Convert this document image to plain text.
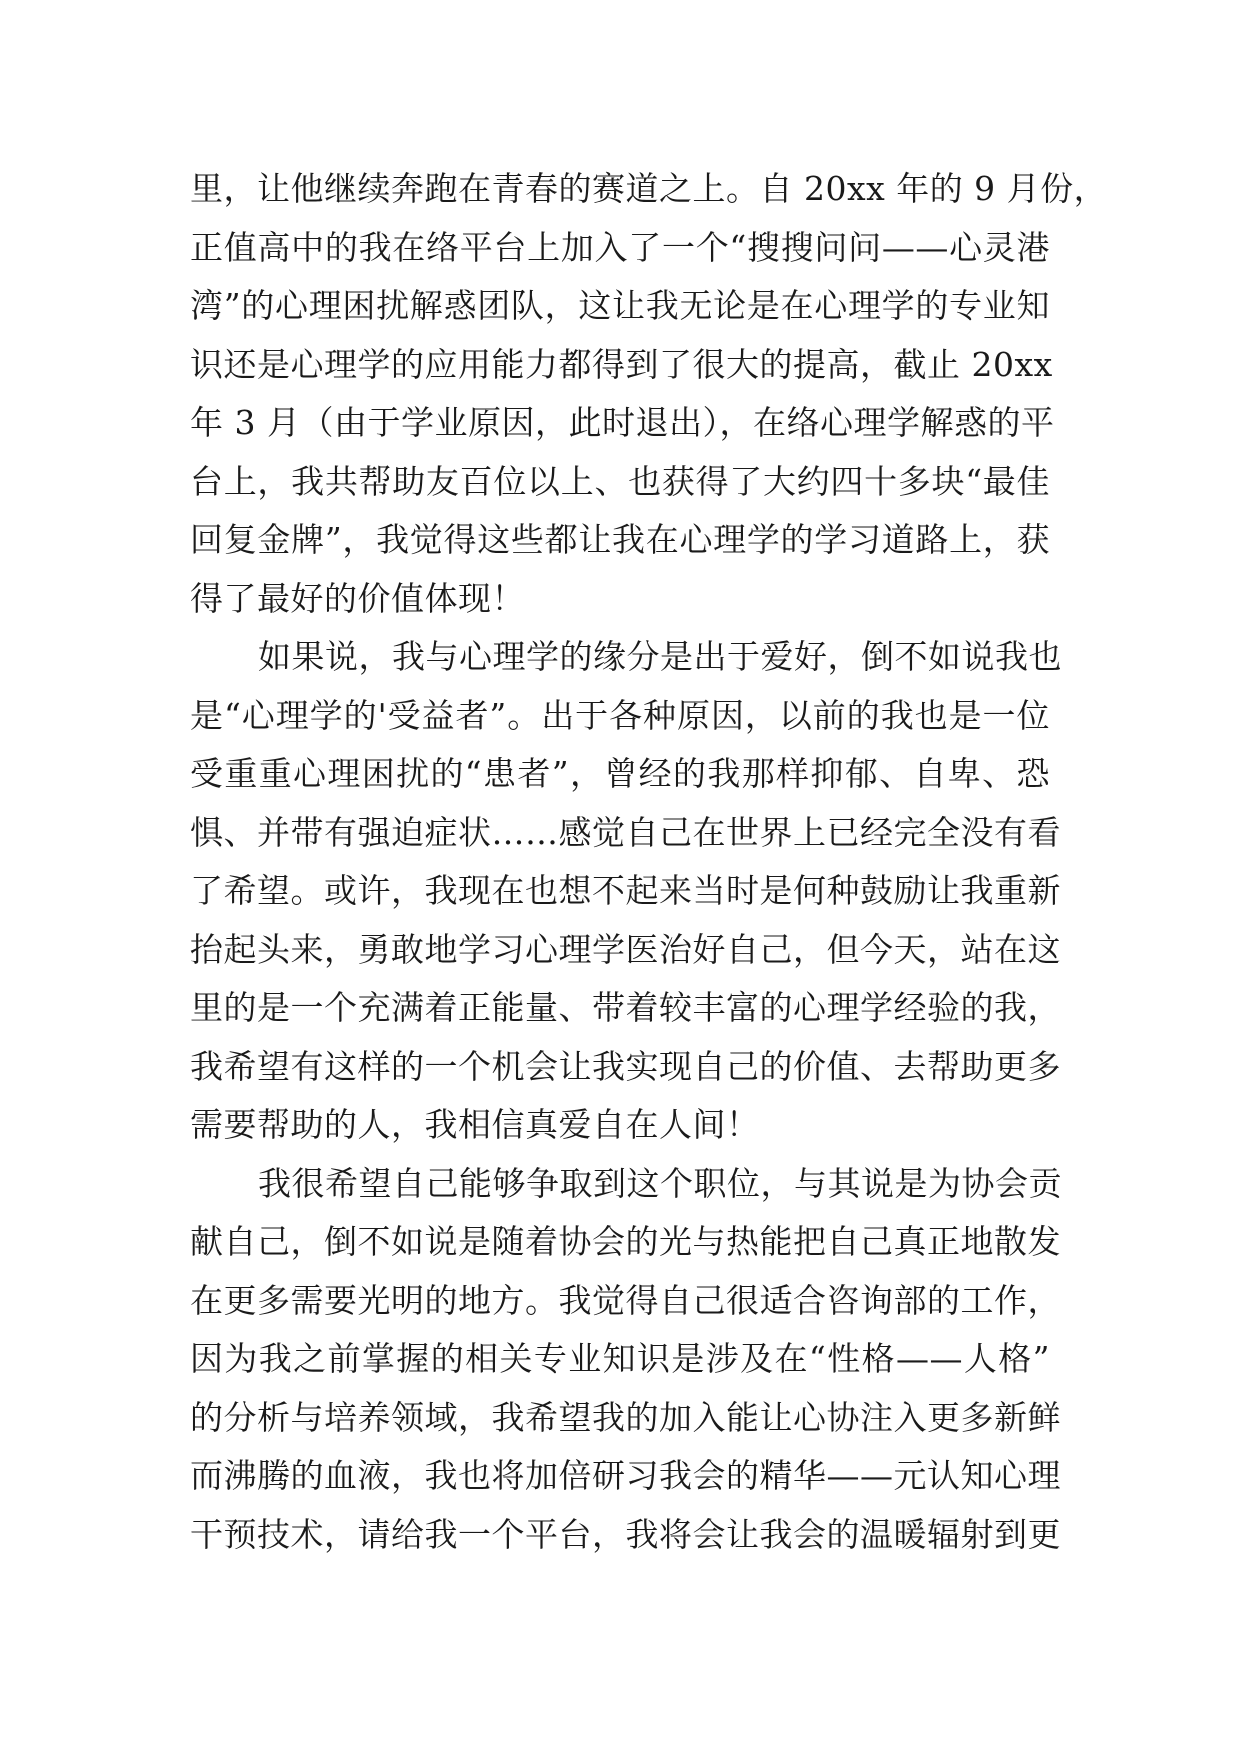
里，让他继续奔跑在青春的赛道之上。自 20xx 年的 9 月份，
正值高中的我在络平台上加入了一个“搜搜问问——心灵港
湾”的心理困扰解惑团队，这让我无论是在心理学的专业知
识还是心理学的应用能力都得到了很大的提高，截止 20xx
年 3 月（由于学业原因，此时退出），在络心理学解惑的平
台上，我共帮助友百位以上、也获得了大约四十多块“最佳
回复金牌”，我觉得这些都让我在心理学的学习道路上，获
得了最好的价值体现！
如果说，我与心理学的缘分是出于爱好，倒不如说我也
是“心理学的'受益者”。出于各种原因，以前的我也是一位
受重重心理困扰的“患者”，曾经的我那样抑郁、自卑、恐
惧、并带有强迫症状……感觉自己在世界上已经完全没有看
了希望。或许，我现在也想不起来当时是何种鼓励让我重新
抬起头来，勇敢地学习心理学医治好自己，但今天，站在这
里的是一个充满着正能量、带着较丰富的心理学经验的我，
我希望有这样的一个机会让我实现自己的价值、去帮助更多
需要帮助的人，我相信真爱自在人间！
我很希望自己能够争取到这个职位，与其说是为协会贡
献自己，倒不如说是随着协会的光与热能把自己真正地散发
在更多需要光明的地方。我觉得自己很适合咨询部的工作，
因为我之前掌握的相关专业知识是涉及在“性格——人格”
的分析与培养领域，我希望我的加入能让心协注入更多新鲜
而沸腾的血液，我也将加倍研习我会的精华——元认知心理
干预技术，请给我一个平台，我将会让我会的温暖辐射到更
